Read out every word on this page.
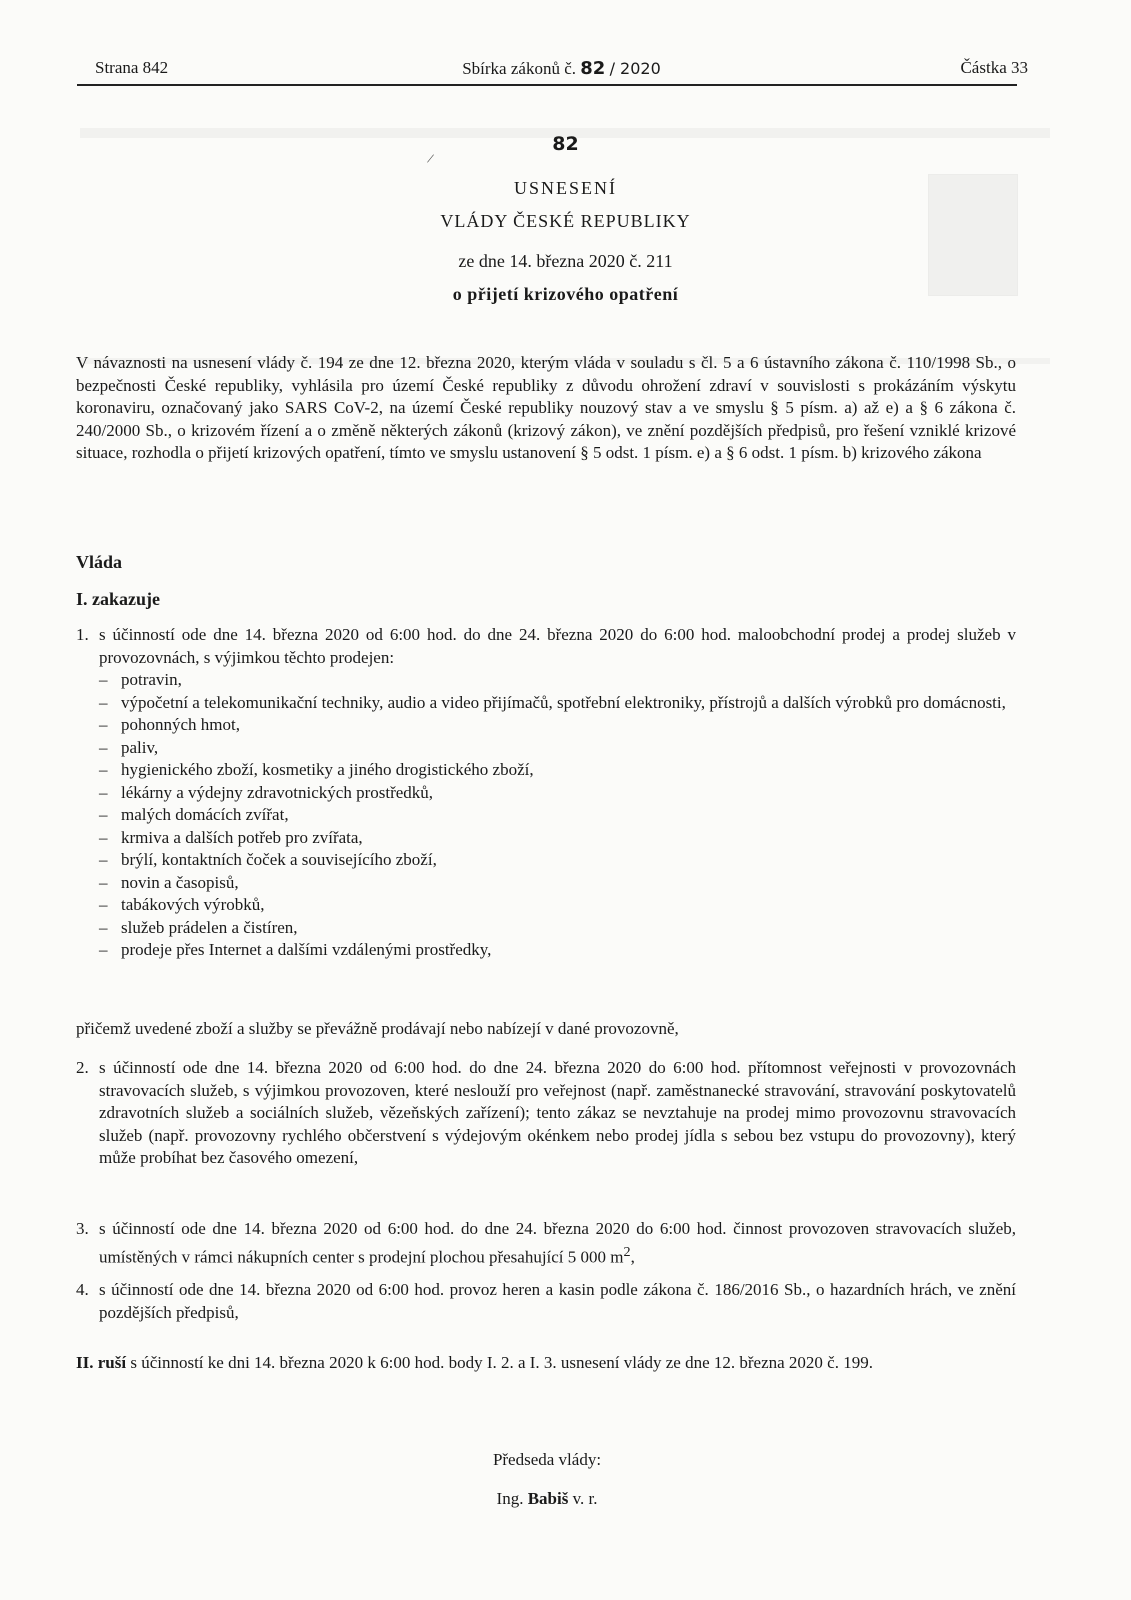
/
Strana 842	Sbírka zákonů č. 82 / 2020	Částka 33
82
USNESENÍ
VLÁDY ČESKÉ REPUBLIKY
ze dne 14. března 2020 č. 211
o přijetí krizového opatření
V návaznosti na usnesení vlády č. 194 ze dne 12. března 2020, kterým vláda v souladu s čl. 5 a 6 ústavního zákona č. 110/1998 Sb., o bezpečnosti České republiky, vyhlásila pro území České republiky z důvodu ohrožení zdraví v souvislosti s prokázáním výskytu koronaviru, označovaný jako SARS CoV-2, na území České republiky nouzový stav a ve smyslu § 5 písm. a) až e) a § 6 zákona č. 240/2000 Sb., o krizovém řízení a o změně některých zákonů (krizový zákon), ve znění pozdějších předpisů, pro řešení vzniklé krizové situace, rozhodla o přijetí krizových opatření, tímto ve smyslu ustanovení § 5 odst. 1 písm. e) a § 6 odst. 1 písm. b) krizového zákona
Vláda
I. zakazuje
1. s účinností ode dne 14. března 2020 od 6:00 hod. do dne 24. března 2020 do 6:00 hod. maloobchodní prodej a prodej služeb v provozovnách, s výjimkou těchto prodejen:
– potravin,
– výpočetní a telekomunikační techniky, audio a video přijímačů, spotřební elektroniky, přístrojů a dalších výrobků pro domácnosti,
– pohonných hmot,
– paliv,
– hygienického zboží, kosmetiky a jiného drogistického zboží,
– lékárny a výdejny zdravotnických prostředků,
– malých domácích zvířat,
– krmiva a dalších potřeb pro zvířata,
– brýlí, kontaktních čoček a souvisejícího zboží,
– novin a časopisů,
– tabákových výrobků,
– služeb prádelen a čistíren,
– prodeje přes Internet a dalšími vzdálenými prostředky,
přičemž uvedené zboží a služby se převážně prodávají nebo nabízejí v dané provozovně,
2. s účinností ode dne 14. března 2020 od 6:00 hod. do dne 24. března 2020 do 6:00 hod. přítomnost veřejnosti v provozovnách stravovacích služeb, s výjimkou provozoven, které neslouží pro veřejnost (např. zaměstnanecké stravování, stravování poskytovatelů zdravotních služeb a sociálních služeb, vězeňských zařízení); tento zákaz se nevztahuje na prodej mimo provozovnu stravovacích služeb (např. provozovny rychlého občerstvení s výdejovým okénkem nebo prodej jídla s sebou bez vstupu do provozovny), který může probíhat bez časového omezení,
3. s účinností ode dne 14. března 2020 od 6:00 hod. do dne 24. března 2020 do 6:00 hod. činnost provozoven stravovacích služeb, umístěných v rámci nákupních center s prodejní plochou přesahující 5 000 $m^2$,
4. s účinností ode dne 14. března 2020 od 6:00 hod. provoz heren a kasin podle zákona č. 186/2016 Sb., o hazardních hrách, ve znění pozdějších předpisů,
II. ruší s účinností ke dni 14. března 2020 k 6:00 hod. body I. 2. a I. 3. usnesení vlády ze dne 12. března 2020 č. 199.
Předseda vlády:
Ing. Babiš v. r.
